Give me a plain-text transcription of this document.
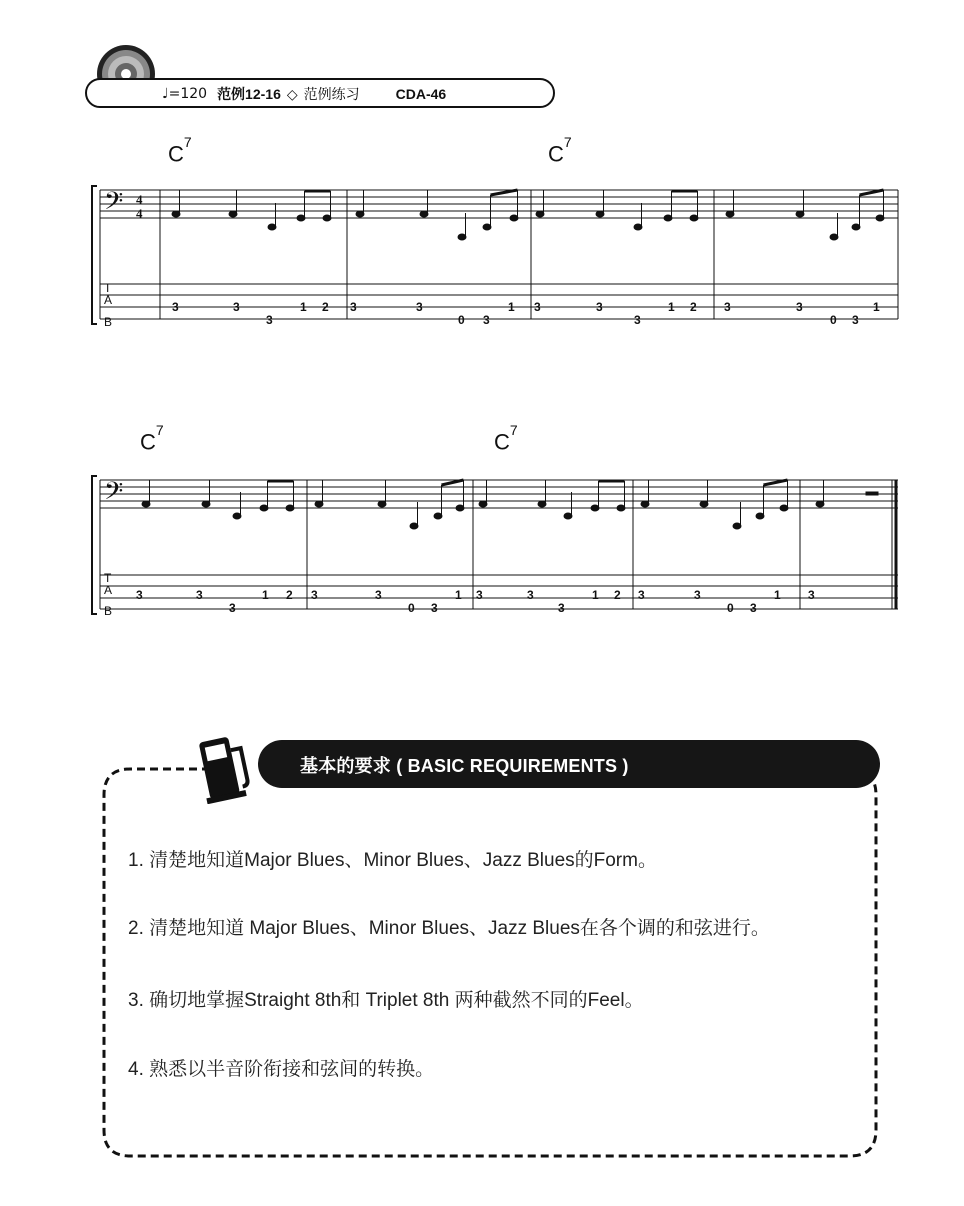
♩=120 范例12-16 ◇ 范例练习	CDA-46
$C^7$	$C^7$
$C^7$	$C^7$
𝄢 4
4
T
A
B
3	3
3
1 2 3	3
0 3
1 3	3
3
1 2 3	3
0 3
1
𝄢
T
A
B
3	3
3
1 2 3	3
0 3
1 3	3
3
1 2 3	3
0 3
1 3
基本的要求 ( BASIC REQUIREMENTS )
1. 清楚地知道Major Blues、Minor Blues、Jazz Blues的Form。
2. 清楚地知道 Major Blues、Minor Blues、Jazz Blues在各个调的和弦进行。
3. 确切地掌握Straight 8th和 Triplet 8th 两种截然不同的Feel。
4. 熟悉以半音阶衔接和弦间的转换。
